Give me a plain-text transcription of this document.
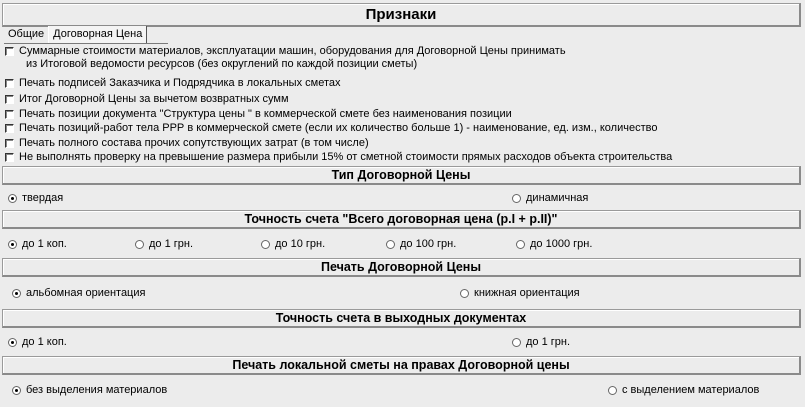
Признаки
Общие Договорная Цена
Суммарные стоимости материалов, эксплуатации машин, оборудования для Договорной Цены принимать
из Итоговой ведомости ресурсов (без округлений по каждой позиции сметы)
Печать подписей Заказчика и Подрядчика в локальных сметах
Итог Договорной Цены за вычетом возвратных сумм
Печать позиции документа "Структура цены " в коммерческой смете без наименования позиции
Печать позиций-работ тела РРР в коммерческой смете (если их количество больше 1) - наименование, ед. изм., количество
Печать полного состава прочих сопутствующих затрат (в том числе)
Не выполнять проверку на превышение размера прибыли 15% от сметной стоимости прямых расходов объекта строительства
Тип Договорной Цены
твердая	динамичная
Точность счета "Всего договорная цена (р.I + р.II)"
до 1 коп.	до 1 грн.	до 10 грн.	до 100 грн.	до 1000 грн.
Печать Договорной Цены
альбомная ориентация	книжная ориентация
Точность счета в выходных документах
до 1 коп.	до 1 грн.
Печать локальной сметы на правах Договорной цены
без выделения материалов	с выделением материалов
